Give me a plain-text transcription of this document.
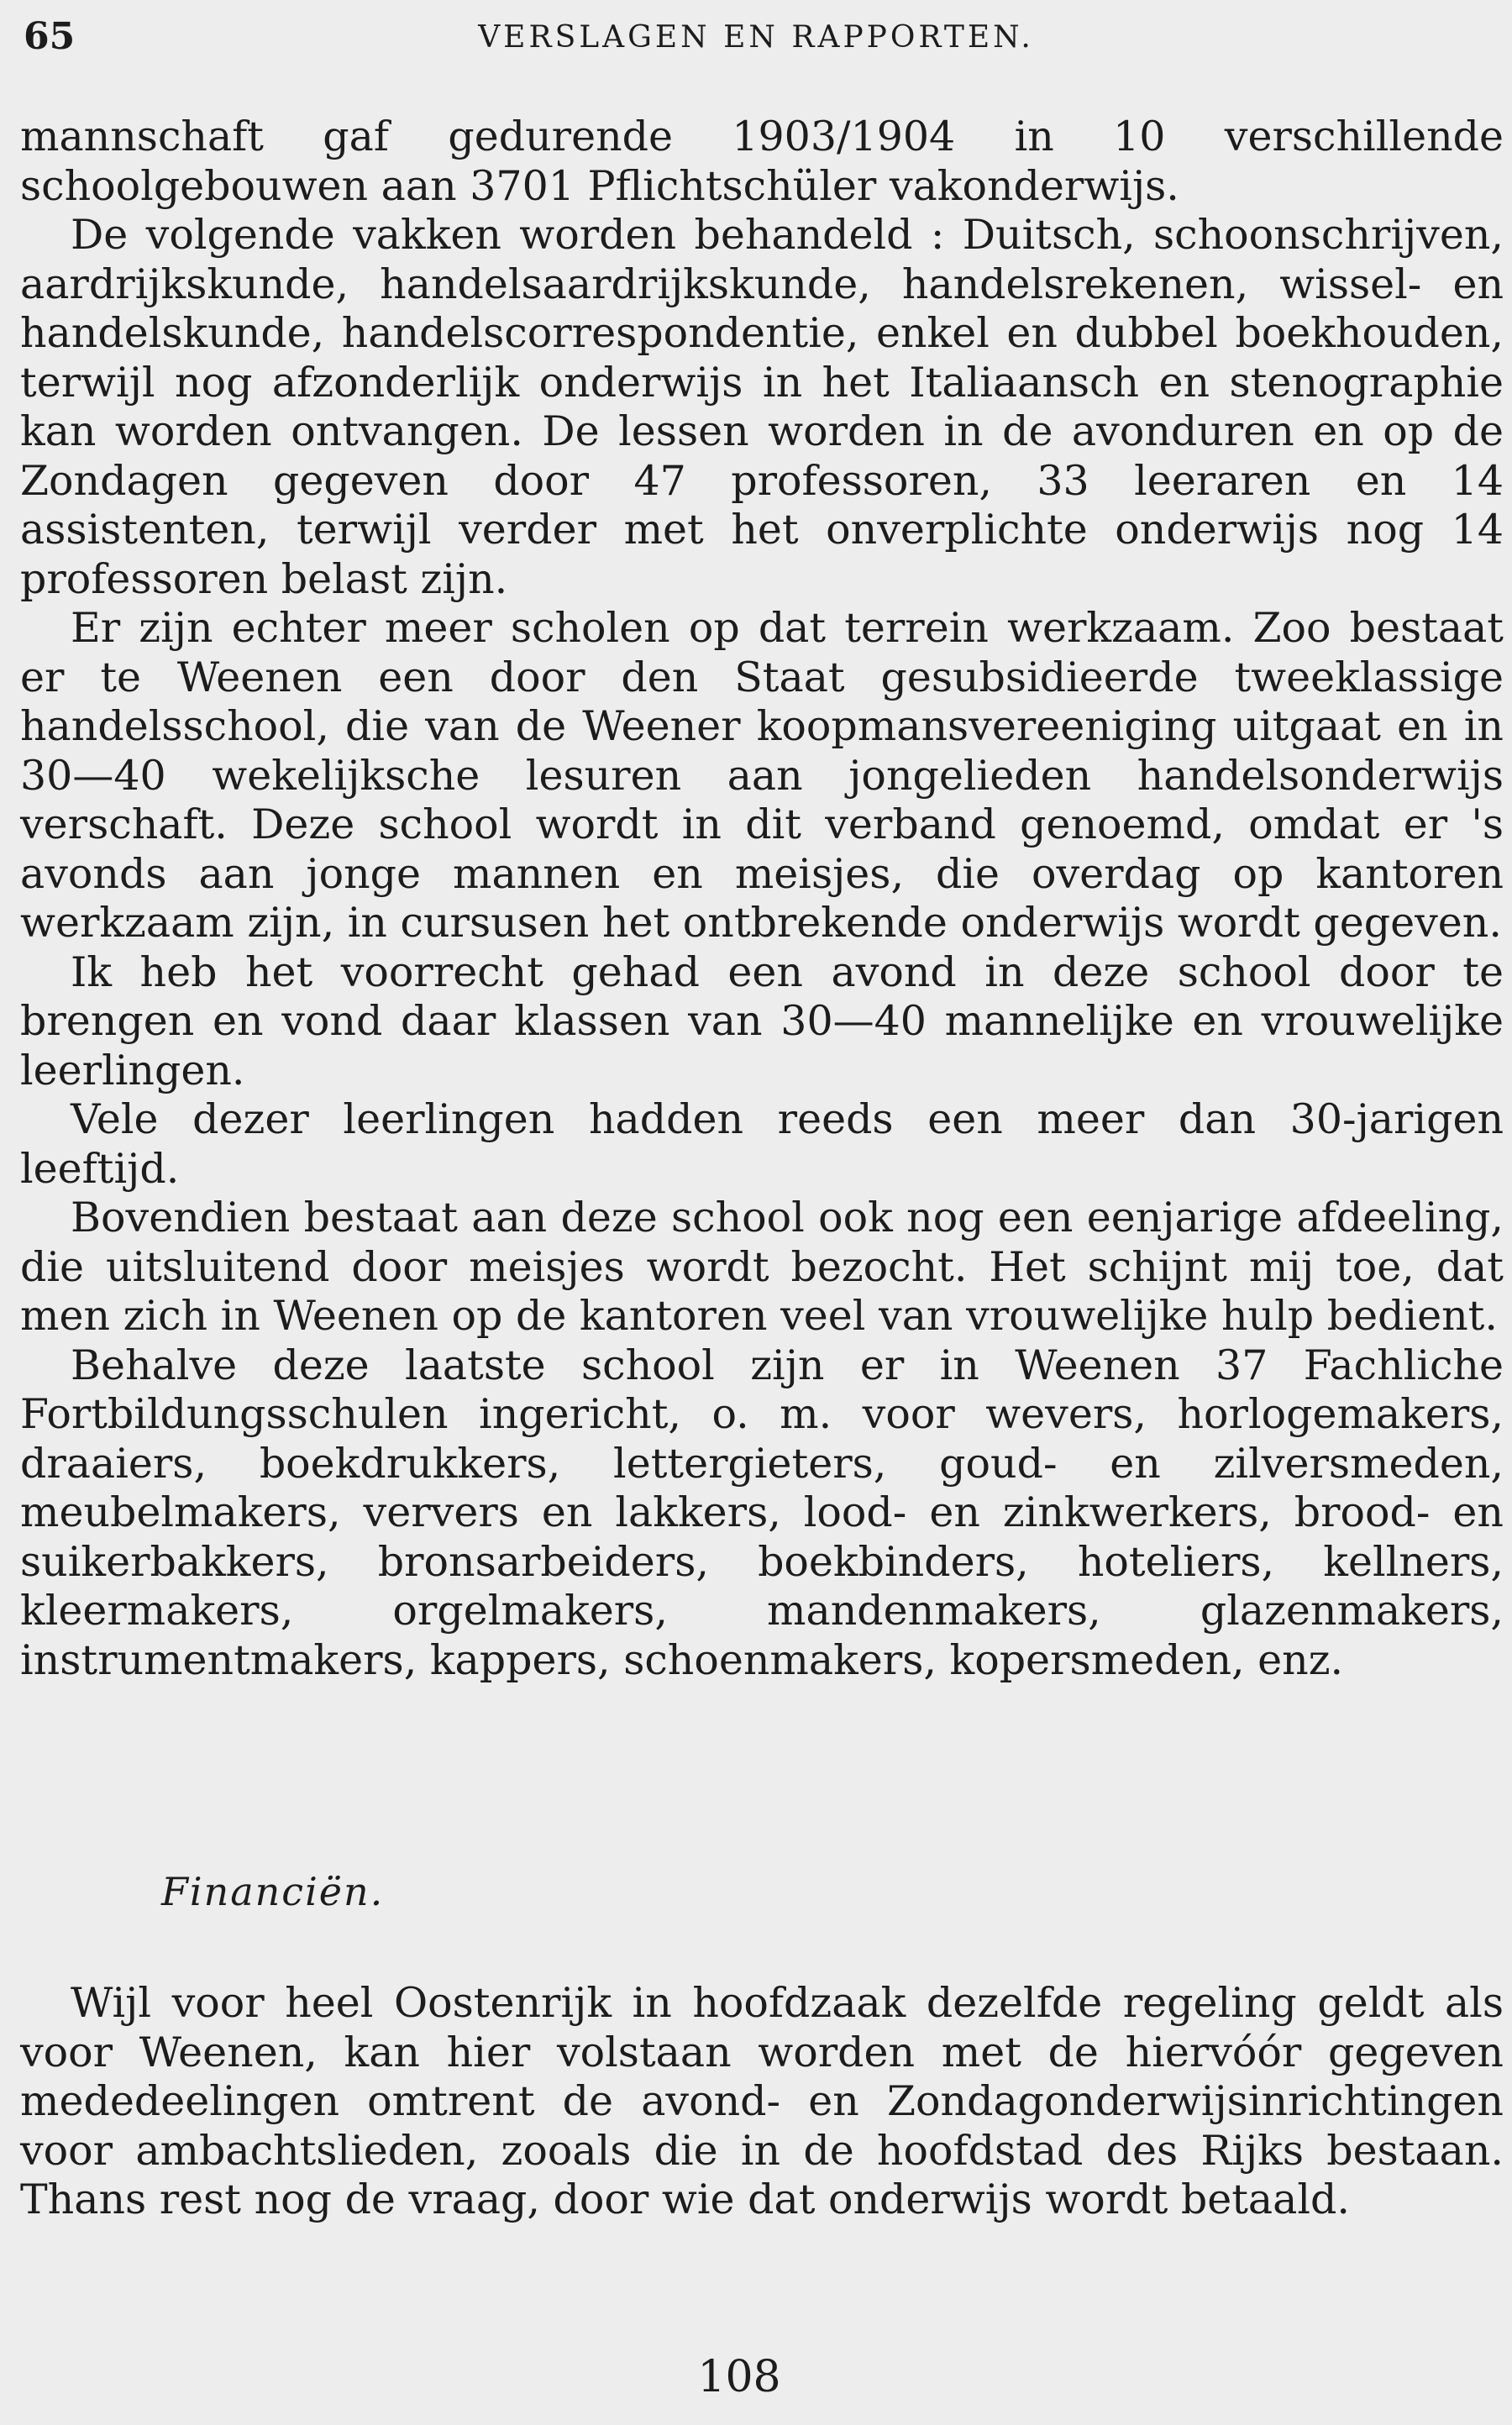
65	VERSLAGEN EN RAPPORTEN.

mannschaft gaf gedurende 1903/1904 in 10 verschillende schoolgebouwen aan 3701 Pflichtschüler vakonderwijs.

De volgende vakken worden behandeld : Duitsch, schoonschrijven, aardrijkskunde, handelsaardrijkskunde, handelsrekenen, wissel- en handelskunde, handelscorrespondentie, enkel en dubbel boekhouden, terwijl nog afzonderlijk onderwijs in het Italiaansch en stenographie kan worden ontvangen. De lessen worden in de avonduren en op de Zondagen gegeven door 47 professoren, 33 leeraren en 14 assistenten, terwijl verder met het onverplichte onderwijs nog 14 professoren belast zijn.

Er zijn echter meer scholen op dat terrein werkzaam. Zoo bestaat er te Weenen een door den Staat gesubsidieerde tweeklassige handelsschool, die van de Weener koopmansvereeniging uitgaat en in 30—40 wekelijksche lesuren aan jongelieden handelsonderwijs verschaft. Deze school wordt in dit verband genoemd, omdat er 's avonds aan jonge mannen en meisjes, die overdag op kantoren werkzaam zijn, in cursusen het ontbrekende onderwijs wordt gegeven.

Ik heb het voorrecht gehad een avond in deze school door te brengen en vond daar klassen van 30—40 mannelijke en vrouwelijke leerlingen.

Vele dezer leerlingen hadden reeds een meer dan 30-jarigen leeftijd.

Bovendien bestaat aan deze school ook nog een eenjarige afdeeling, die uitsluitend door meisjes wordt bezocht. Het schijnt mij toe, dat men zich in Weenen op de kantoren veel van vrouwelijke hulp bedient.

Behalve deze laatste school zijn er in Weenen 37 Fachliche Fortbildungsschulen ingericht, o. m. voor wevers, horlogemakers, draaiers, boekdrukkers, lettergieters, goud- en zilversmeden, meubelmakers, ververs en lakkers, lood- en zinkwerkers, brood- en suikerbakkers, bronsarbeiders, boekbinders, hoteliers, kellners, kleermakers, orgelmakers, mandenmakers, glazenmakers, instrumentmakers, kappers, schoenmakers, kopersmeden, enz.

Financiën.

Wijl voor heel Oostenrijk in hoofdzaak dezelfde regeling geldt als voor Weenen, kan hier volstaan worden met de hiervóór gegeven mededeelingen omtrent de avond- en Zondagonderwijsinrichtingen voor ambachtslieden, zooals die in de hoofdstad des Rijks bestaan. Thans rest nog de vraag, door wie dat onderwijs wordt betaald.

108
